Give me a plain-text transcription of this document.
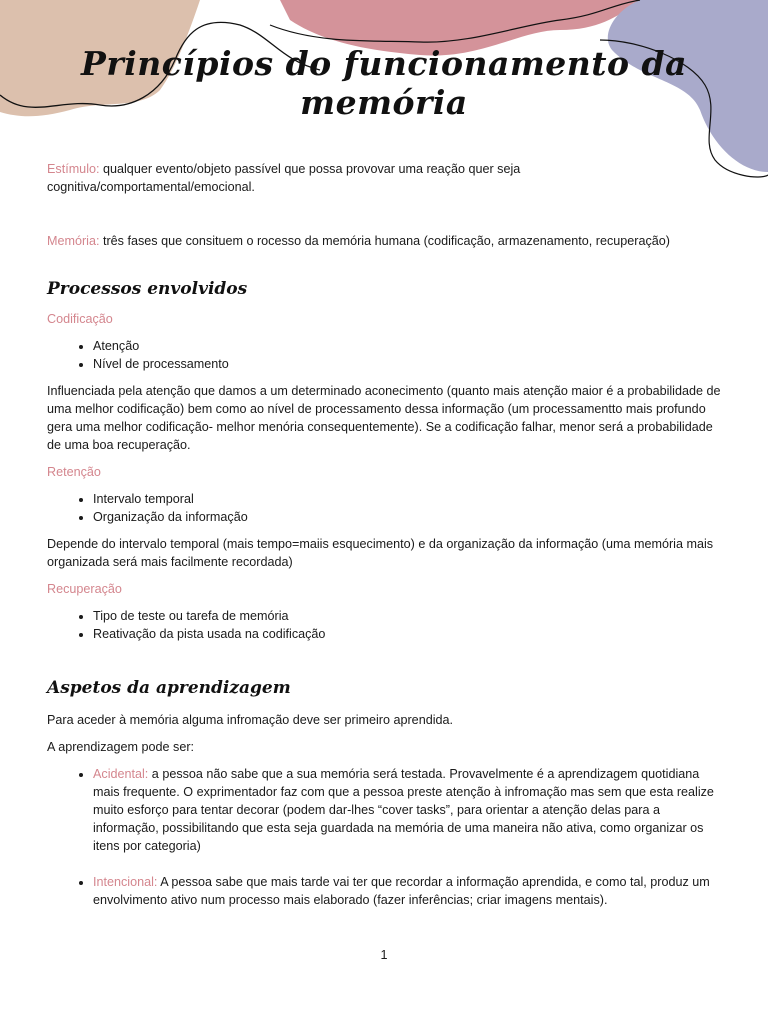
Princípios do funcionamento da memória

Estímulo: qualquer evento/objeto passível que possa provovar uma reação quer seja cognitiva/comportamental/emocional.

Memória: três fases que consituem o rocesso da memória humana (codificação, armazenamento, recuperação)

Processos envolvidos

Codificação

• Atenção
• Nível de processamento

Influenciada pela atenção que damos a um determinado aconecimento (quanto mais atenção maior é a probabilidade de uma melhor codificação) bem como ao nível de processamento dessa informação (um processamentto mais profundo gera uma melhor codificação- melhor menória consequentemente). Se a codificação falhar, menor será a probabilidade de uma boa recuperação.

Retenção

• Intervalo temporal
• Organização da informação

Depende do intervalo temporal (mais tempo=maiis esquecimento) e da organização da informação (uma memória mais organizada será mais facilmente recordada)

Recuperação

• Tipo de teste ou tarefa de memória
• Reativação da pista usada na codificação
Aspetos da aprendizagem

Para aceder à memória alguma infromação deve ser primeiro aprendida.

A aprendizagem pode ser:

• Acidental: a pessoa não sabe que a sua memória será testada. Provavelmente é a aprendizagem quotidiana mais frequente. O exprimentador faz com que a pessoa preste atenção à infromação mas sem que esta realize muito esforço para tentar decorar (podem dar-lhes “cover tasks”, para orientar a atenção delas para a informação, possibilitando que esta seja guardada na memória de uma maneira não ativa, como organizar os itens por categoria)
• Intencional: A pessoa sabe que mais tarde vai ter que recordar a informação aprendida, e como tal, produz um envolvimento ativo num processo mais elaborado (fazer inferências; criar imagens mentais).
1
